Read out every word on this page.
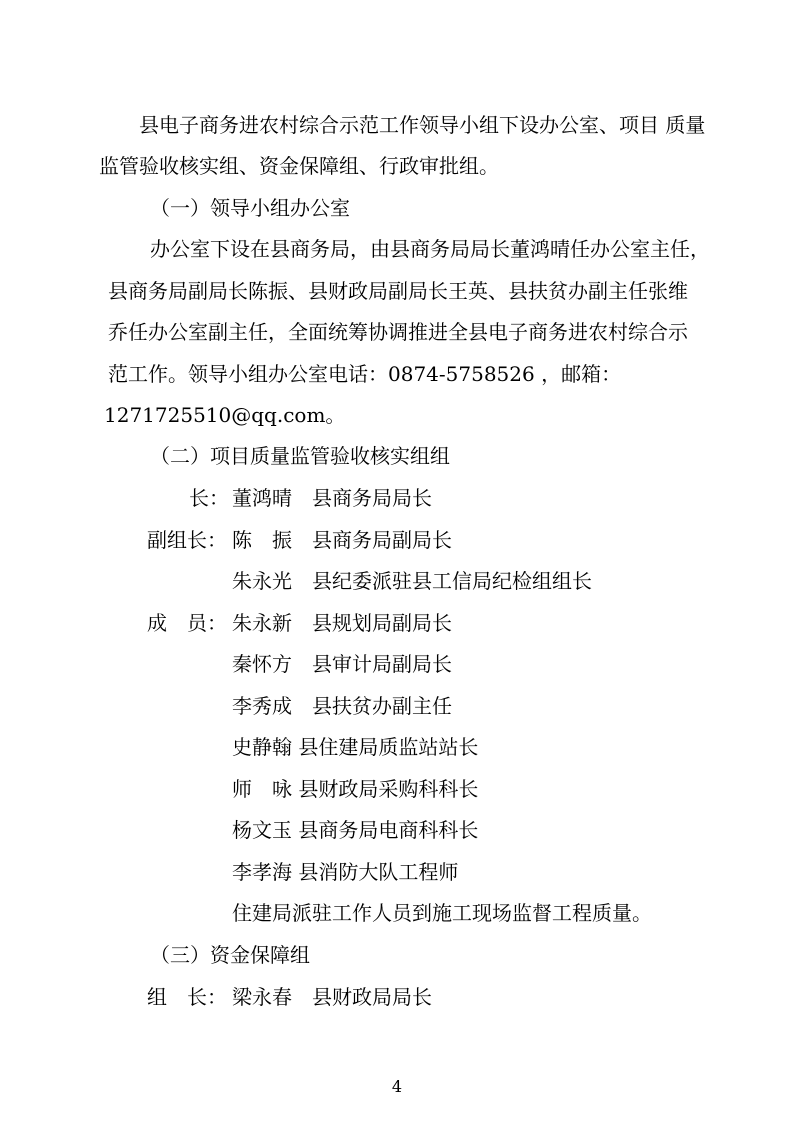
县电子商务进农村综合示范工作领导小组下设办公室、项目 质量
监管验收核实组、资金保障组、行政审批组。
（一）领导小组办公室
办公室下设在县商务局，由县商务局局长董鸿晴任办公室主任，
县商务局副局长陈振、县财政局副局长王英、县扶贫办副主任张维
乔任办公室副主任，全面统筹协调推进全县电子商务进农村综合示
范工作。领导小组办公室电话：0874-5758526 ，邮箱：
1271725510@qq.com。
（二）项目质量监管验收核实组组
长： 董鸿晴　县商务局局长
副组长： 陈　振　县商务局副局长
朱永光　县纪委派驻县工信局纪检组组长
成　员： 朱永新　县规划局副局长
秦怀方　县审计局副局长
李秀成　县扶贫办副主任
史静翰 县住建局质监站站长
师　咏 县财政局采购科科长
杨文玉 县商务局电商科科长
李孝海 县消防大队工程师
住建局派驻工作人员到施工现场监督工程质量。
（三）资金保障组
组　长： 梁永春　县财政局局长
4
